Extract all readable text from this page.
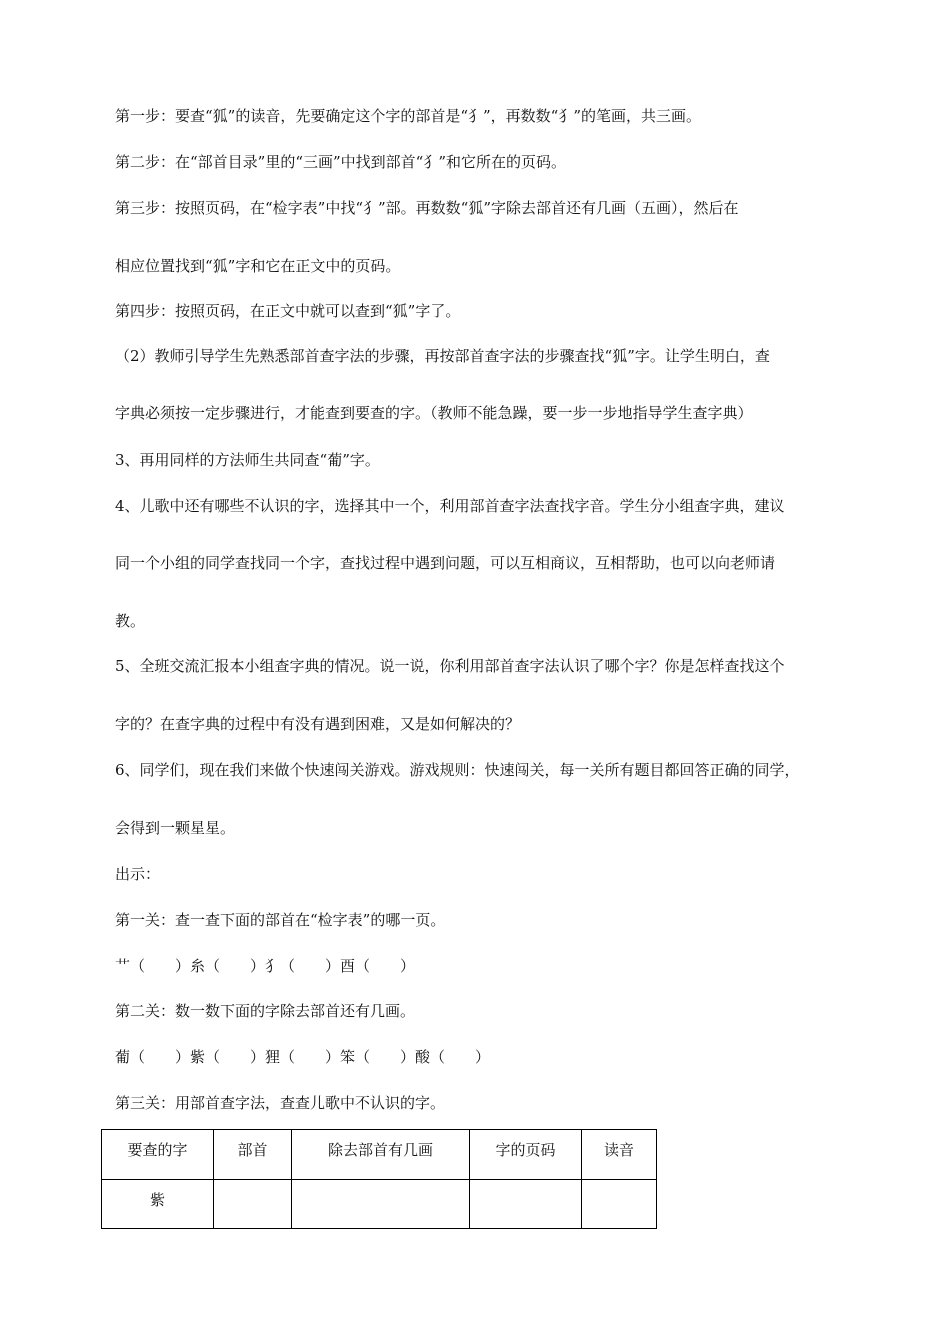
第一步：要查“狐”的读音，先要确定这个字的部首是“犭”，再数数“犭”的笔画，共三画。
第二步：在“部首目录”里的“三画”中找到部首“犭”和它所在的页码。
第三步：按照页码，在“检字表”中找“犭”部。再数数“狐”字除去部首还有几画（五画），然后在
相应位置找到“狐”字和它在正文中的页码。
第四步：按照页码，在正文中就可以查到“狐”字了。
（2）教师引导学生先熟悉部首查字法的步骤，再按部首查字法的步骤查找“狐”字。让学生明白，查
字典必须按一定步骤进行，才能查到要查的字。（教师不能急躁，要一步一步地指导学生查字典）
3、再用同样的方法师生共同查“葡”字。
4、儿歌中还有哪些不认识的字，选择其中一个，利用部首查字法查找字音。学生分小组查字典，建议
同一个小组的同学查找同一个字，查找过程中遇到问题，可以互相商议，互相帮助，也可以向老师请
教。
5、全班交流汇报本小组查字典的情况。说一说，你利用部首查字法认识了哪个字？你是怎样查找这个
字的？在查字典的过程中有没有遇到困难，又是如何解决的？
6、同学们，现在我们来做个快速闯关游戏。游戏规则：快速闯关，每一关所有题目都回答正确的同学，
会得到一颗星星。
出示：
第一关：查一查下面的部首在“检字表”的哪一页。
艹（　　）糸（　　）犭（　　）酉（　　）
第二关：数一数下面的字除去部首还有几画。
葡（　　）紫（　　）狸（　　）笨（　　）酸（　　）
第三关：用部首查字法，查查儿歌中不认识的字。
要查的字	部首	除去部首有几画	字的页码	读音
紫				
